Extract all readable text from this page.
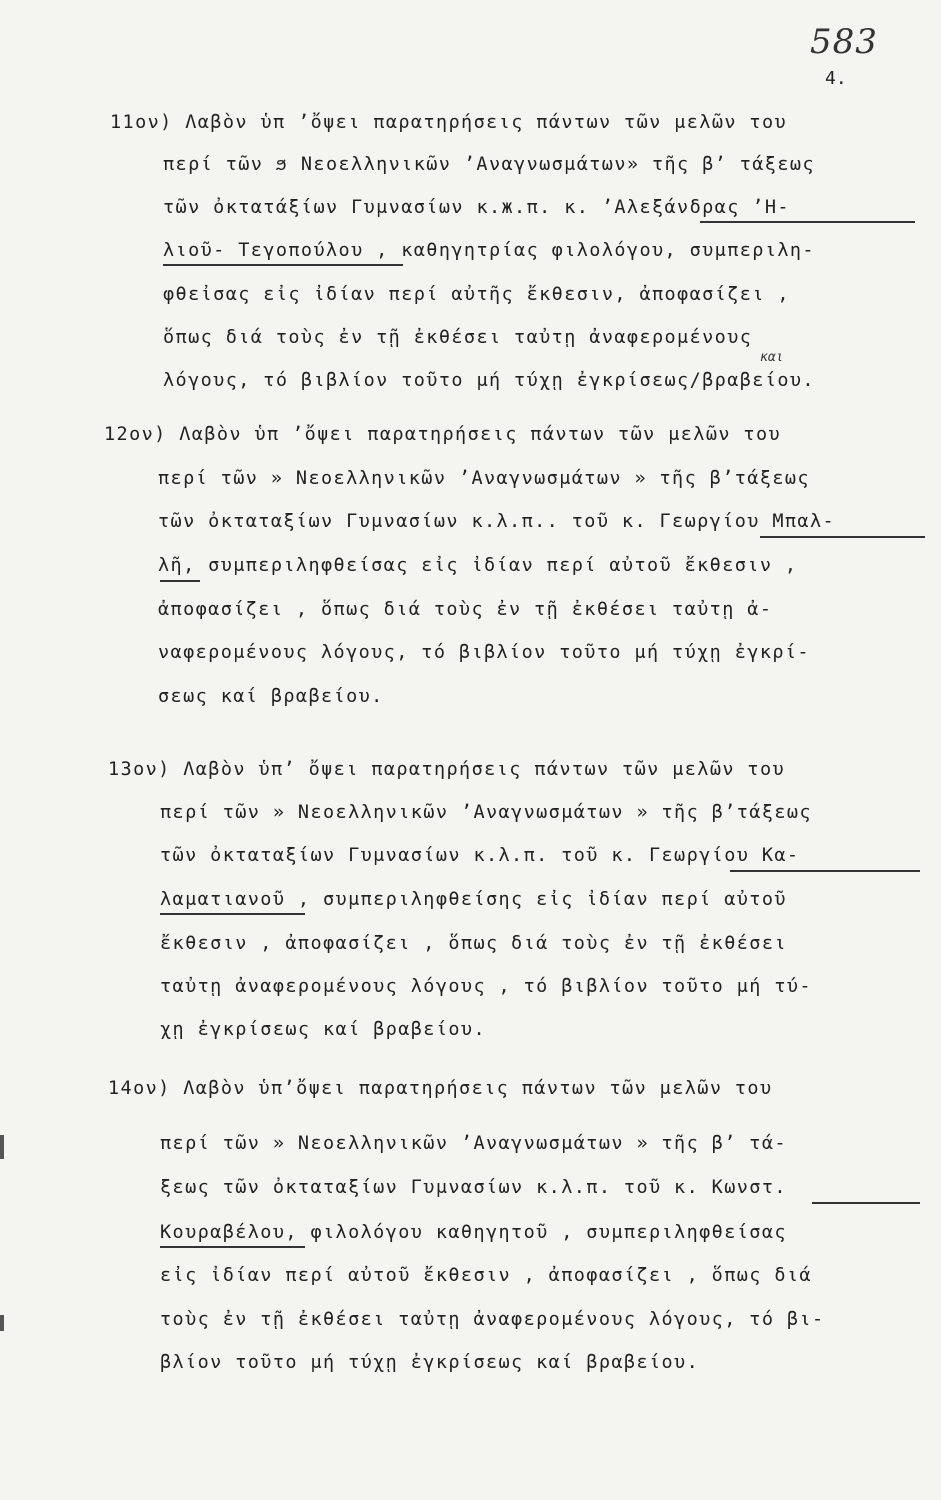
583
4.
και
11ον) Λαβὸν ὑπ ʼὄψει παρατηρήσεις πάντων τῶν μελῶν του
περί τῶν ϧ Νεοελληνικῶν ʼΑναγνωσμάτων» τῆς βʼ τάξεως
τῶν ὀκτατάξίων Γυμνασίων κ.ж.π. κ. ʼΑλεξάνδρας ʼΗ-
λιοῦ- Τεγοπούλου , καθηγητρίας φιλολόγου, συμπεριλη-
φθεἰσας εἰς ἰδίαν περί αὐτῆς ἔκθεσιν, ἀποφασίζει ,
ὅπως διά τοὺς ἐν τῇ ἐκθέσει ταὐτῃ ἀναφερομένους
λόγους, τό βιβλίον τοῦτο μή τύχῃ ἐγκρίσεως/βραβείου.
12ον) Λαβὸν ὑπ ʼὄψει παρατηρήσεις πάντων τῶν μελῶν του
περί τῶν » Νεοελληνικῶν ʼΑναγνωσμάτων » τῆς βʼτάξεως
τῶν ὀκταταξίων Γυμνασίων κ.λ.π.. τοῦ κ. Γεωργίου Μπαλ-
λῆ, συμπεριληφθείσας εἰς ἰδίαν περί αὐτοῦ ἔκθεσιν ,
ἀποφασίζει , ὅπως διά τοὺς ἐν τῇ ἐκθέσει ταὐτῃ ἀ-
ναφερομένους λόγους, τό βιβλίον τοῦτο μή τύχῃ ἐγκρί-
σεως καί βραβείου.
13ον) Λαβὸν ὑπʼ ὄψει παρατηρήσεις πάντων τῶν μελῶν του
περί τῶν » Νεοελληνικῶν ʼΑναγνωσμάτων » τῆς βʼτάξεως
τῶν ὀκταταξίων Γυμνασίων κ.λ.π. τοῦ κ. Γεωργίου Κα-
λαματιανοῦ , συμπεριληφθείσης εἰς ἰδίαν περί αὐτοῦ
ἔκθεσιν , ἀποφασίζει , ὅπως διά τοὺς ἐν τῇ ἐκθέσει
ταὐτῃ ἀναφερομένους λόγους , τό βιβλίον τοῦτο μή τύ-
χῃ ἐγκρίσεως καί βραβείου.
14ον) Λαβὸν ὑπʼὄψει παρατηρήσεις πάντων τῶν μελῶν του
περί τῶν » Νεοελληνικῶν ʼΑναγνωσμάτων » τῆς βʼ τά-
ξεως τῶν ὀκταταξίων Γυμνασίων κ.λ.π. τοῦ κ. Κωνστ.
Κουραβέλου, φιλολόγου καθηγητοῦ , συμπεριληφθείσας
εἰς ἰδίαν περί αὐτοῦ ἔκθεσιν , ἀποφασίζει , ὅπως διά
τοὺς ἐν τῇ ἐκθέσει ταὐτῃ ἀναφερομένους λόγους, τό βι-
βλίον τοῦτο μή τύχῃ ἐγκρίσεως καί βραβείου.
